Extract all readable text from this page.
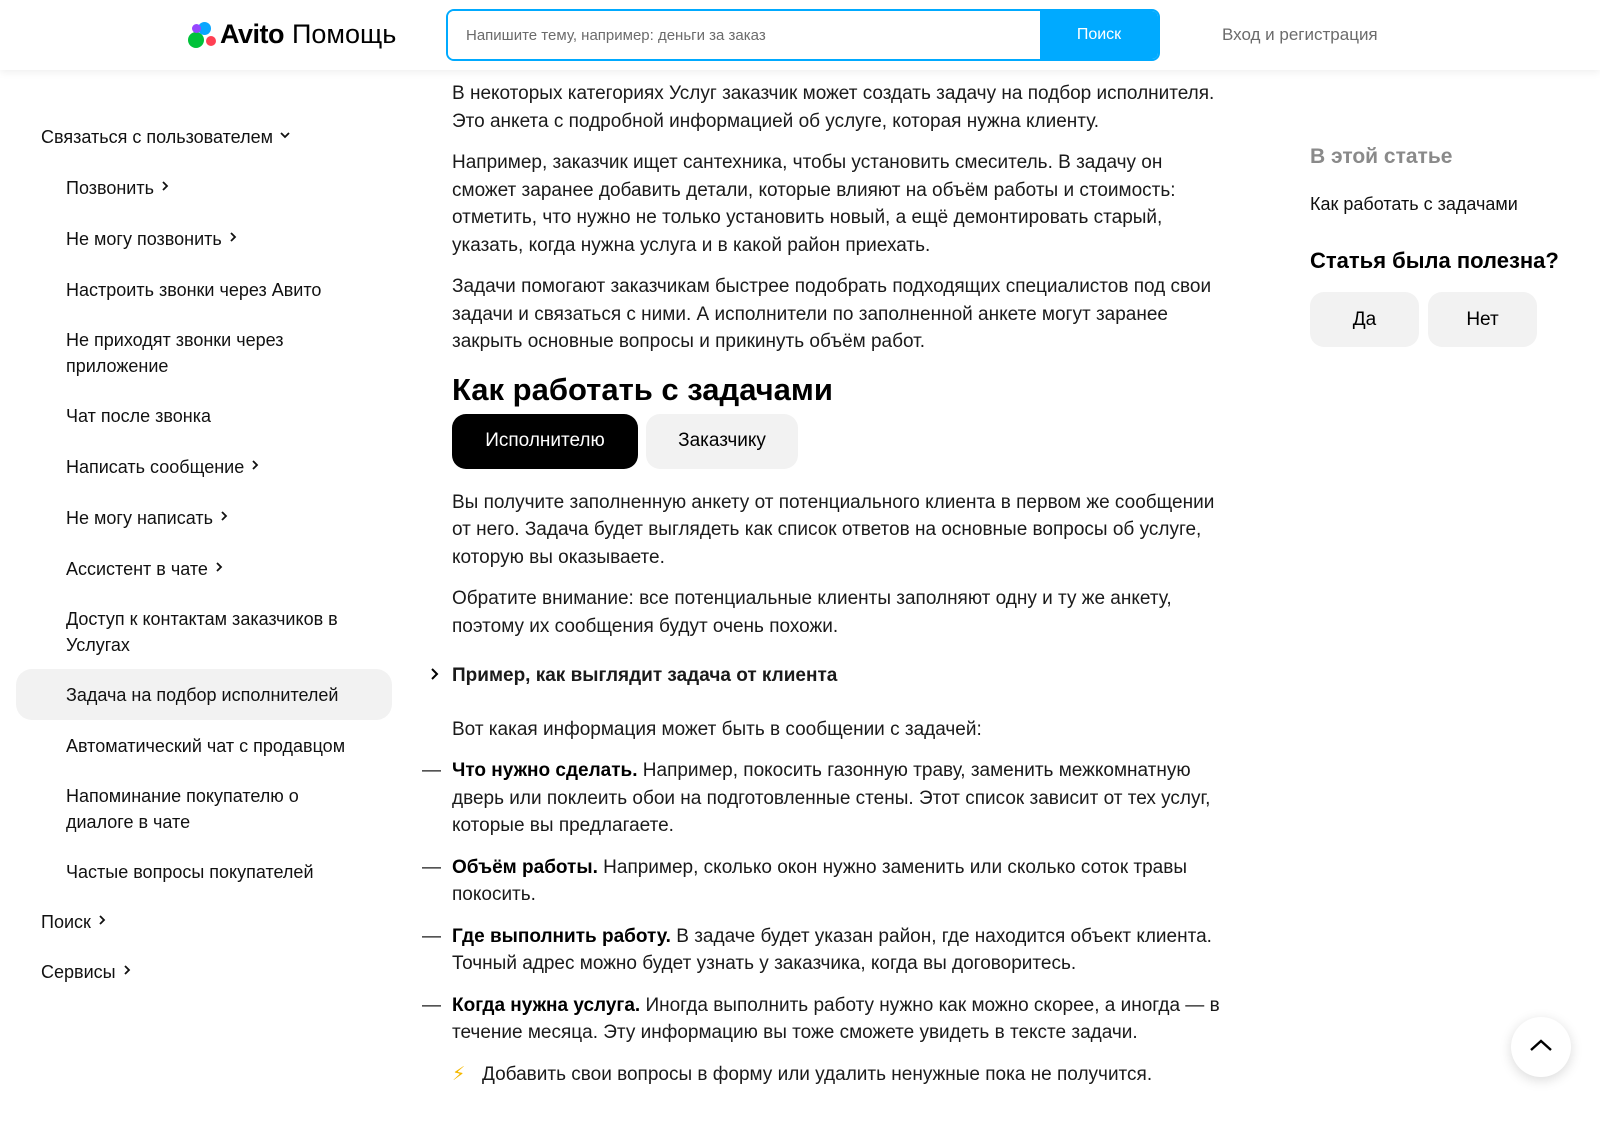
Avito Помощь
Напишите тему, например: деньги за заказ	Поиск	Вход и регистрация
Связаться с пользователем
Позвонить
Не могу позвонить
Настроить звонки через Авито
Не приходят звонки через приложение
Чат после звонка
Написать сообщение
Не могу написать
Ассистент в чате
Доступ к контактам заказчиков в Услугах
Задача на подбор исполнителей
Автоматический чат с продавцом
Напоминание покупателю о диалоге в чате
Частые вопросы покупателей
Поиск
Сервисы

В некоторых категориях Услуг заказчик может создать задачу на подбор исполнителя. Это анкета с подробной информацией об услуге, которая нужна клиенту.

Например, заказчик ищет сантехника, чтобы установить смеситель. В задачу он сможет заранее добавить детали, которые влияют на объём работы и стоимость: отметить, что нужно не только установить новый, а ещё демонтировать старый, указать, когда нужна услуга и в какой район приехать.

Задачи помогают заказчикам быстрее подобрать подходящих специалистов под свои задачи и связаться с ними. А исполнители по заполненной анкете могут заранее закрыть основные вопросы и прикинуть объём работ.

Как работать с задачами
Исполнителю	Заказчику

Вы получите заполненную анкету от потенциального клиента в первом же сообщении от него. Задача будет выглядеть как список ответов на основные вопросы об услуге, которую вы оказываете.

Обратите внимание: все потенциальные клиенты заполняют одну и ту же анкету, поэтому их сообщения будут очень похожи.

Пример, как выглядит задача от клиента

Вот какая информация может быть в сообщении с задачей:

— Что нужно сделать. Например, покосить газонную траву, заменить межкомнатную дверь или поклеить обои на подготовленные стены. Этот список зависит от тех услуг, которые вы предлагаете.
— Объём работы. Например, сколько окон нужно заменить или сколько соток травы покосить.
— Где выполнить работу. В задаче будет указан район, где находится объект клиента. Точный адрес можно будет узнать у заказчика, когда вы договоритесь.
— Когда нужна услуга. Иногда выполнить работу нужно как можно скорее, а иногда — в течение месяца. Эту информацию вы тоже сможете увидеть в тексте задачи.
⚡ Добавить свои вопросы в форму или удалить ненужные пока не получится.
В этой статье
Как работать с задачами
Статья была полезна?
Да	Нет
